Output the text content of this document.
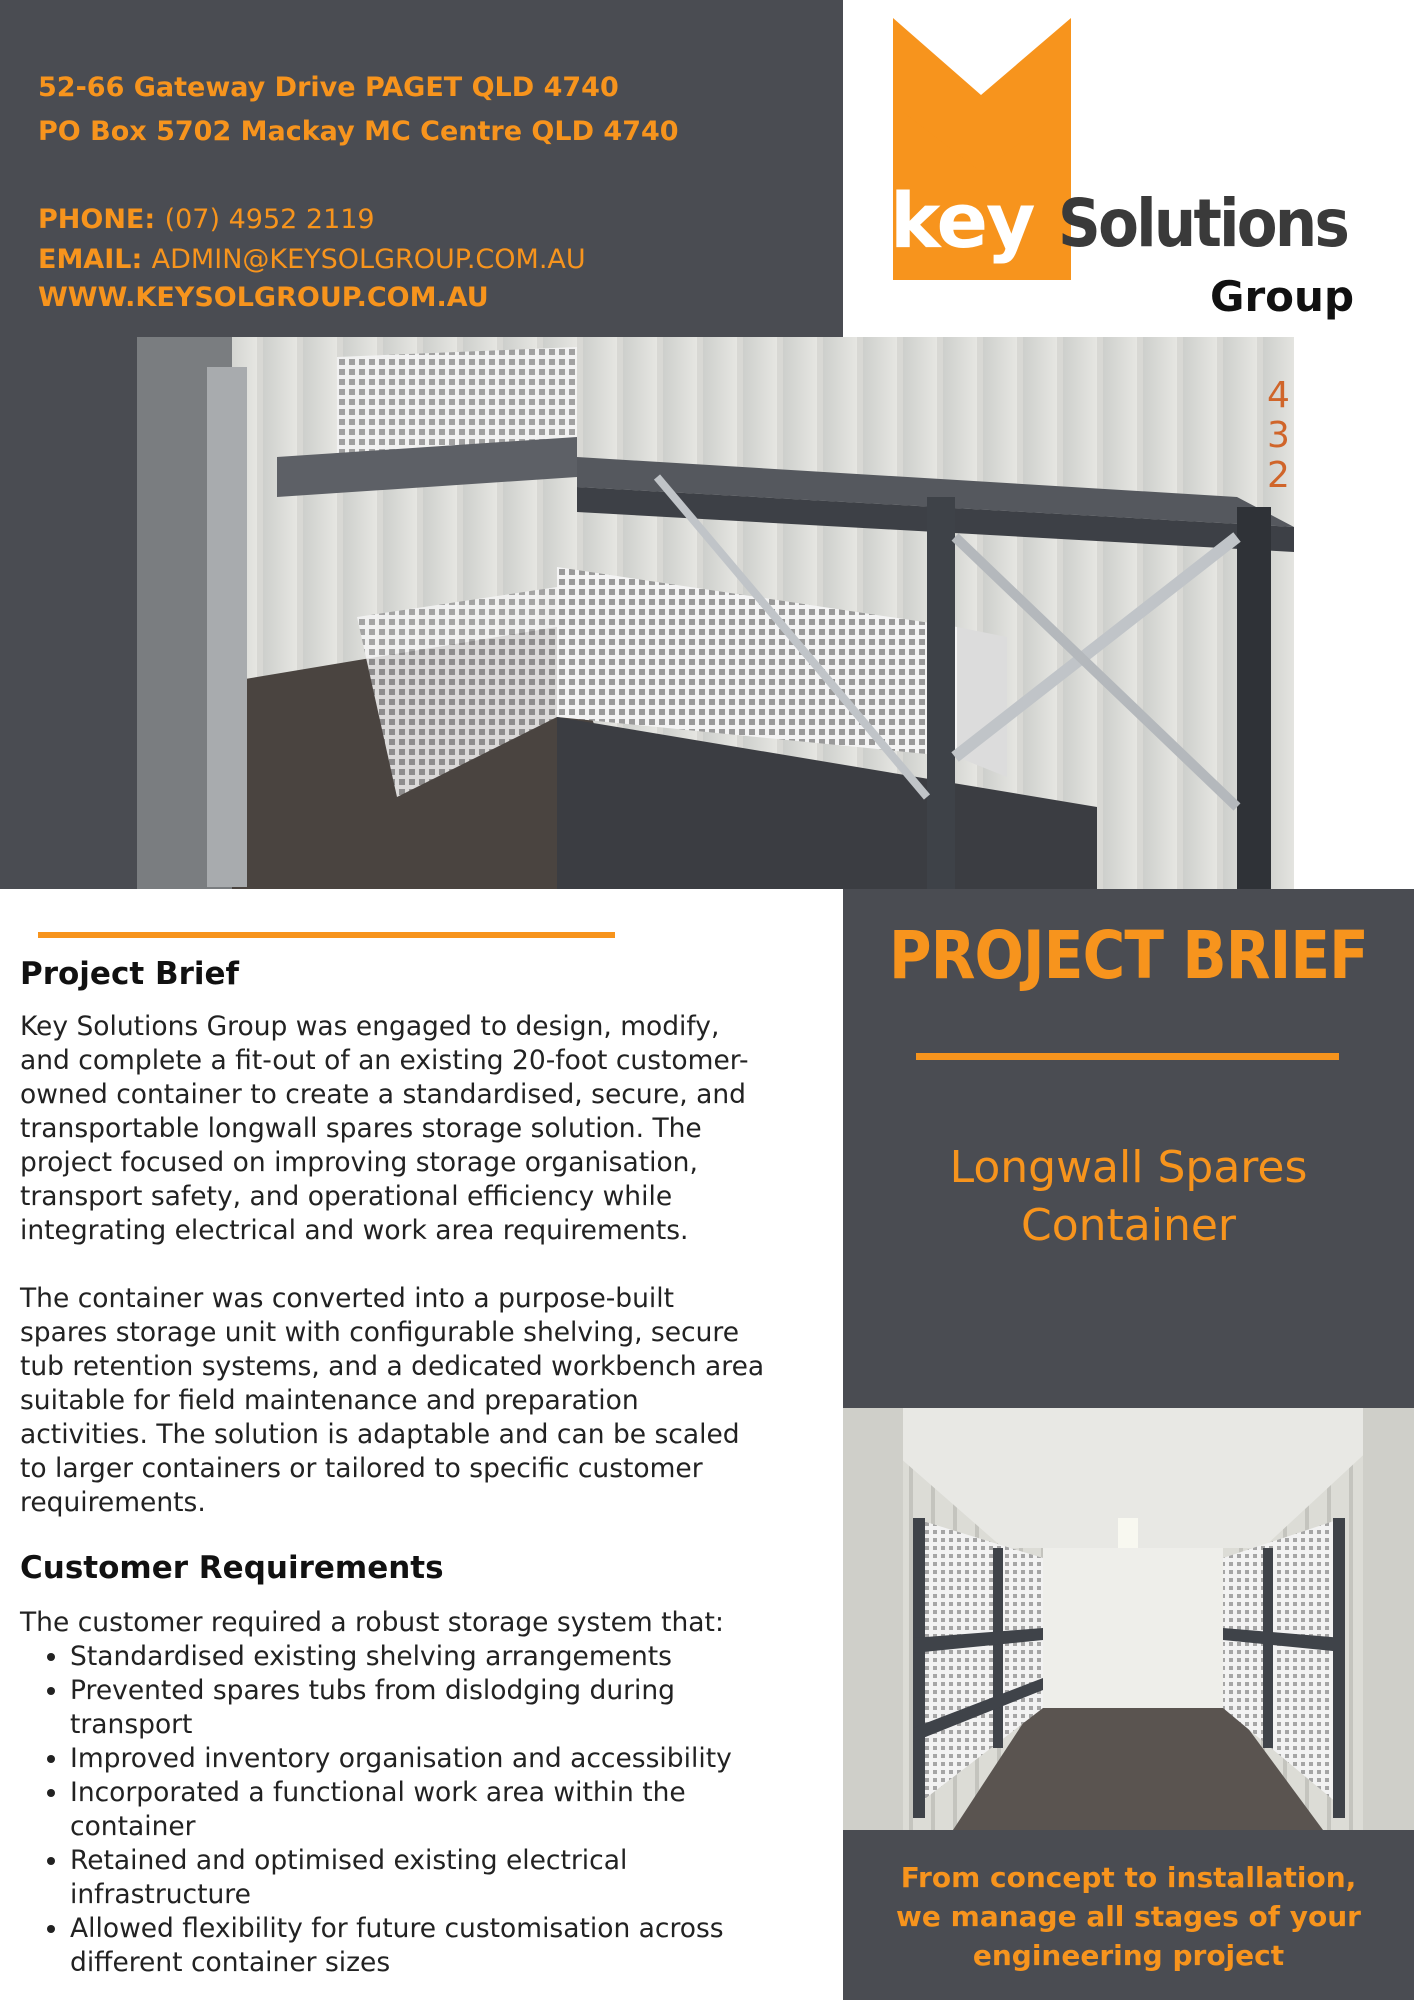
52-66 Gateway Drive PAGET QLD 4740
PO Box 5702 Mackay MC Centre QLD 4740
PHONE: (07) 4952 2119
EMAIL: ADMIN@KEYSOLGROUP.COM.AU
WWW.KEYSOLGROUP.COM.AU
key Solutions
Group
4
3
2
Project Brief

Key Solutions Group was engaged to design, modify,
and complete a fit-out of an existing 20-foot customer-
owned container to create a standardised, secure, and
transportable longwall spares storage solution. The
project focused on improving storage organisation,
transport safety, and operational efficiency while
integrating electrical and work area requirements.

The container was converted into a purpose-built
spares storage unit with configurable shelving, secure
tub retention systems, and a dedicated workbench area
suitable for field maintenance and preparation
activities. The solution is adaptable and can be scaled
to larger containers or tailored to specific customer
requirements.

Customer Requirements
The customer required a robust storage system that:
• Standardised existing shelving arrangements
• Prevented spares tubs from dislodging during
transport
• Improved inventory organisation and accessibility
• Incorporated a functional work area within the
container
• Retained and optimised existing electrical
infrastructure
• Allowed flexibility for future customisation across
different container sizes
PROJECT BRIEF
Longwall Spares
Container
From concept to installation,
we manage all stages of your
engineering project
